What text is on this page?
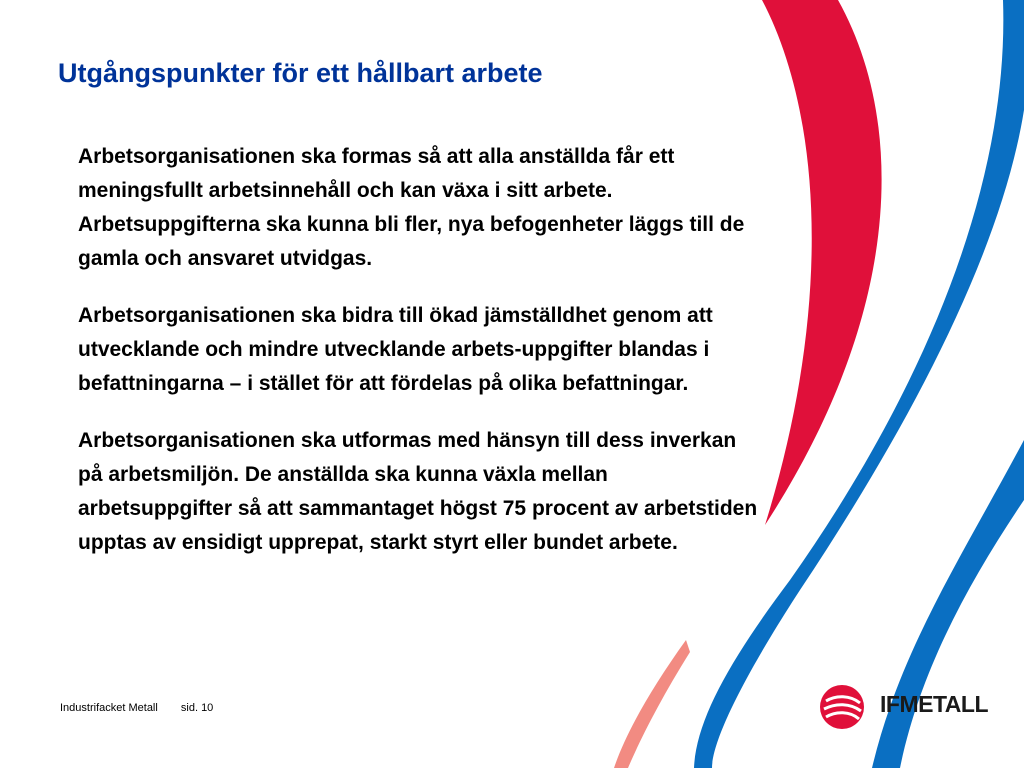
Utgångspunkter för ett hållbart arbete

Arbetsorganisationen ska formas så att alla anställda får ett meningsfullt arbetsinnehåll och kan växa i sitt arbete. Arbetsuppgifterna ska kunna bli fler, nya befogenheter läggs till de gamla och ansvaret utvidgas.

Arbetsorganisationen ska bidra till ökad jämställdhet genom att utvecklande och mindre utvecklande arbets-uppgifter blandas i befattningarna – i stället för att fördelas på olika befattningar.

Arbetsorganisationen ska utformas med hänsyn till dess inverkan på arbetsmiljön. De anställda ska kunna växla mellan arbetsuppgifter så att sammantaget högst 75 procent av arbetstiden upptas av ensidigt upprepat, starkt styrt eller bundet arbete.

Industrifacket Metall sid. 10	IFMETALL
